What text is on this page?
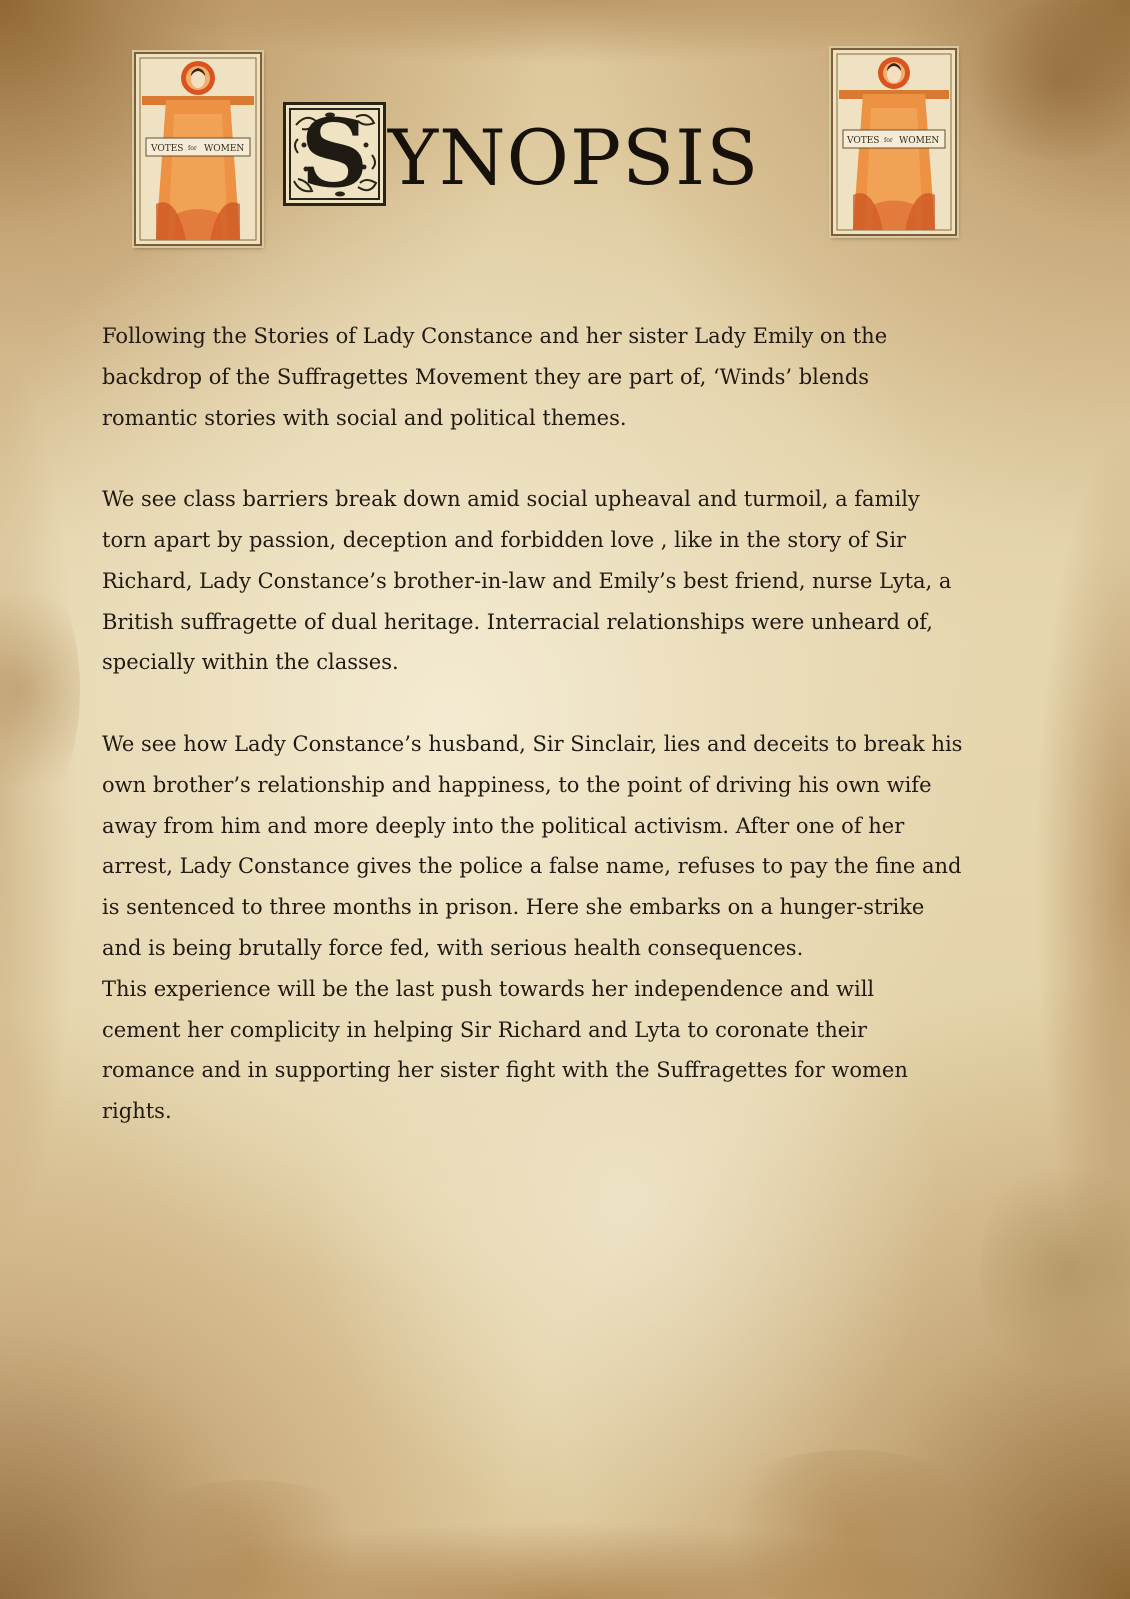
VOTES for WOMEN
VOTES for WOMEN
S YNOPSIS

Following the Stories of Lady Constance and her sister Lady Emily on the
backdrop of the Suffragettes Movement they are part of, ‘Winds’ blends
romantic stories with social and political themes.

We see class barriers break down amid social upheaval and turmoil, a family
torn apart by passion, deception and forbidden love , like in the story of Sir
Richard, Lady Constance’s brother-in-law and Emily’s best friend, nurse Lyta, a
British suffragette of dual heritage. Interracial relationships were unheard of,
specially within the classes.

We see how Lady Constance’s husband, Sir Sinclair, lies and deceits to break his
own brother’s relationship and happiness, to the point of driving his own wife
away from him and more deeply into the political activism. After one of her
arrest, Lady Constance gives the police a false name, refuses to pay the fine and
is sentenced to three months in prison. Here she embarks on a hunger-strike
and is being brutally force fed, with serious health consequences.
This experience will be the last push towards her independence and will
cement her complicity in helping Sir Richard and Lyta to coronate their
romance and in supporting her sister fight with the Suffragettes for women
rights.
